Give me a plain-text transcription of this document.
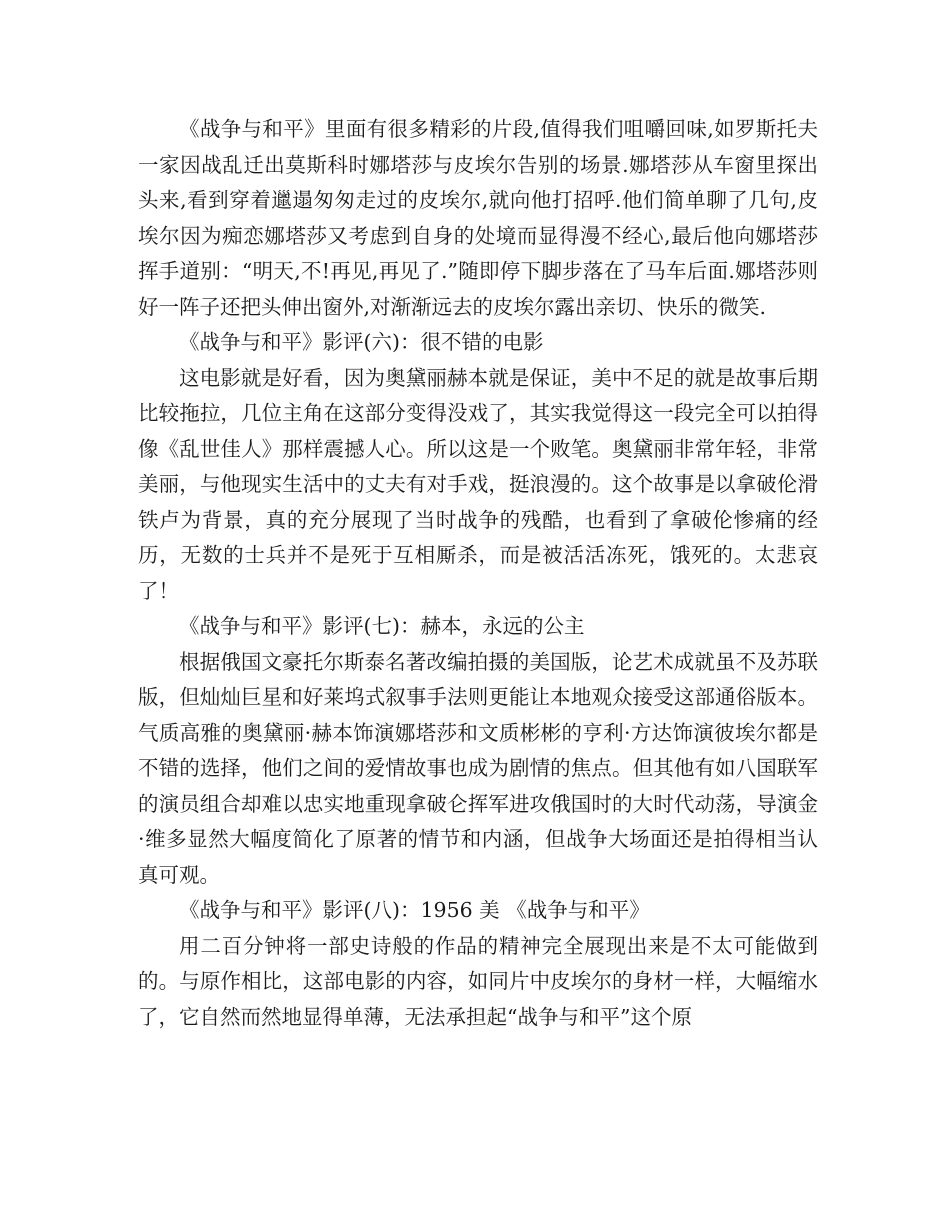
《战争与和平》里面有很多精彩的片段,值得我们咀嚼回味,如罗斯托夫一家因战乱迁出莫斯科时娜塔莎与皮埃尔告别的场景.娜塔莎从车窗里探出头来,看到穿着邋遢匆匆走过的皮埃尔,就向他打招呼.他们简单聊了几句,皮埃尔因为痴恋娜塔莎又考虑到自身的处境而显得漫不经心,最后他向娜塔莎挥手道别：“明天,不!再见,再见了.”随即停下脚步落在了马车后面.娜塔莎则好一阵子还把头伸出窗外,对渐渐远去的皮埃尔露出亲切、快乐的微笑.

《战争与和平》影评(六)：很不错的电影

这电影就是好看，因为奥黛丽赫本就是保证，美中不足的就是故事后期比较拖拉，几位主角在这部分变得没戏了，其实我觉得这一段完全可以拍得像《乱世佳人》那样震撼人心。所以这是一个败笔。奥黛丽非常年轻，非常美丽，与他现实生活中的丈夫有对手戏，挺浪漫的。这个故事是以拿破伦滑铁卢为背景，真的充分展现了当时战争的残酷，也看到了拿破伦惨痛的经历，无数的士兵并不是死于互相厮杀，而是被活活冻死，饿死的。太悲哀了！

《战争与和平》影评(七)：赫本，永远的公主

根据俄国文豪托尔斯泰名著改编拍摄的美国版，论艺术成就虽不及苏联版，但灿灿巨星和好莱坞式叙事手法则更能让本地观众接受这部通俗版本。气质高雅的奥黛丽·赫本饰演娜塔莎和文质彬彬的亨利·方达饰演彼埃尔都是不错的选择，他们之间的爱情故事也成为剧情的焦点。但其他有如八国联军的演员组合却难以忠实地重现拿破仑挥军进攻俄国时的大时代动荡，导演金·维多显然大幅度简化了原著的情节和内涵，但战争大场面还是拍得相当认真可观。

《战争与和平》影评(八)：1956 美 《战争与和平》

用二百分钟将一部史诗般的作品的精神完全展现出来是不太可能做到的。与原作相比，这部电影的内容，如同片中皮埃尔的身材一样，大幅缩水了，它自然而然地显得单薄，无法承担起“战争与和平”这个原
